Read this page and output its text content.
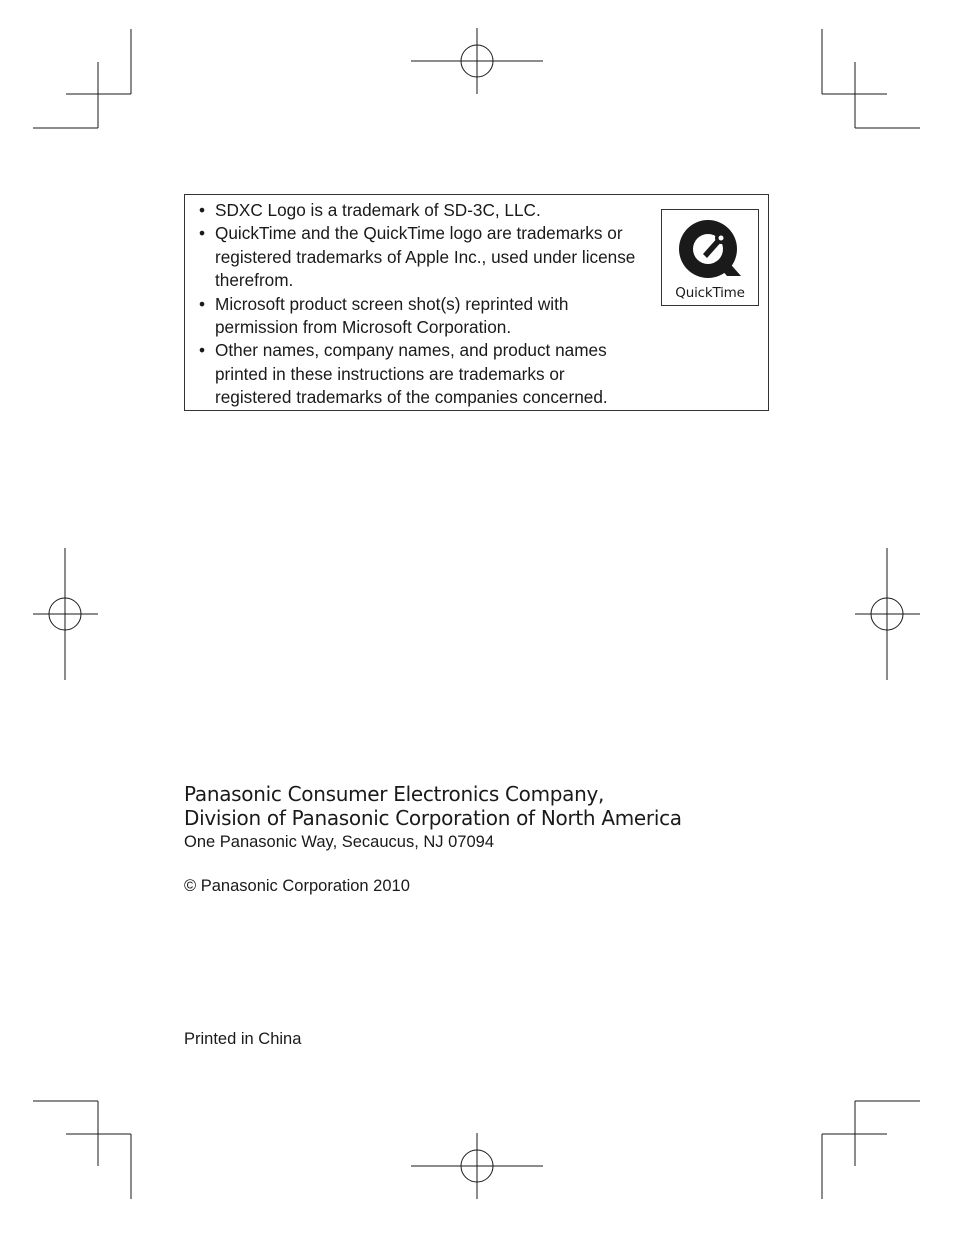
• SDXC Logo is a trademark of SD-3C, LLC.
• QuickTime and the QuickTime logo are trademarks or registered trademarks of Apple Inc., used under license therefrom.
• Microsoft product screen shot(s) reprinted with permission from Microsoft Corporation.
• Other names, company names, and product names printed in these instructions are trademarks or registered trademarks of the companies concerned.
QuickTime
Panasonic Consumer Electronics Company,
Division of Panasonic Corporation of North America
One Panasonic Way, Secaucus, NJ 07094
© Panasonic Corporation 2010
Printed in China
